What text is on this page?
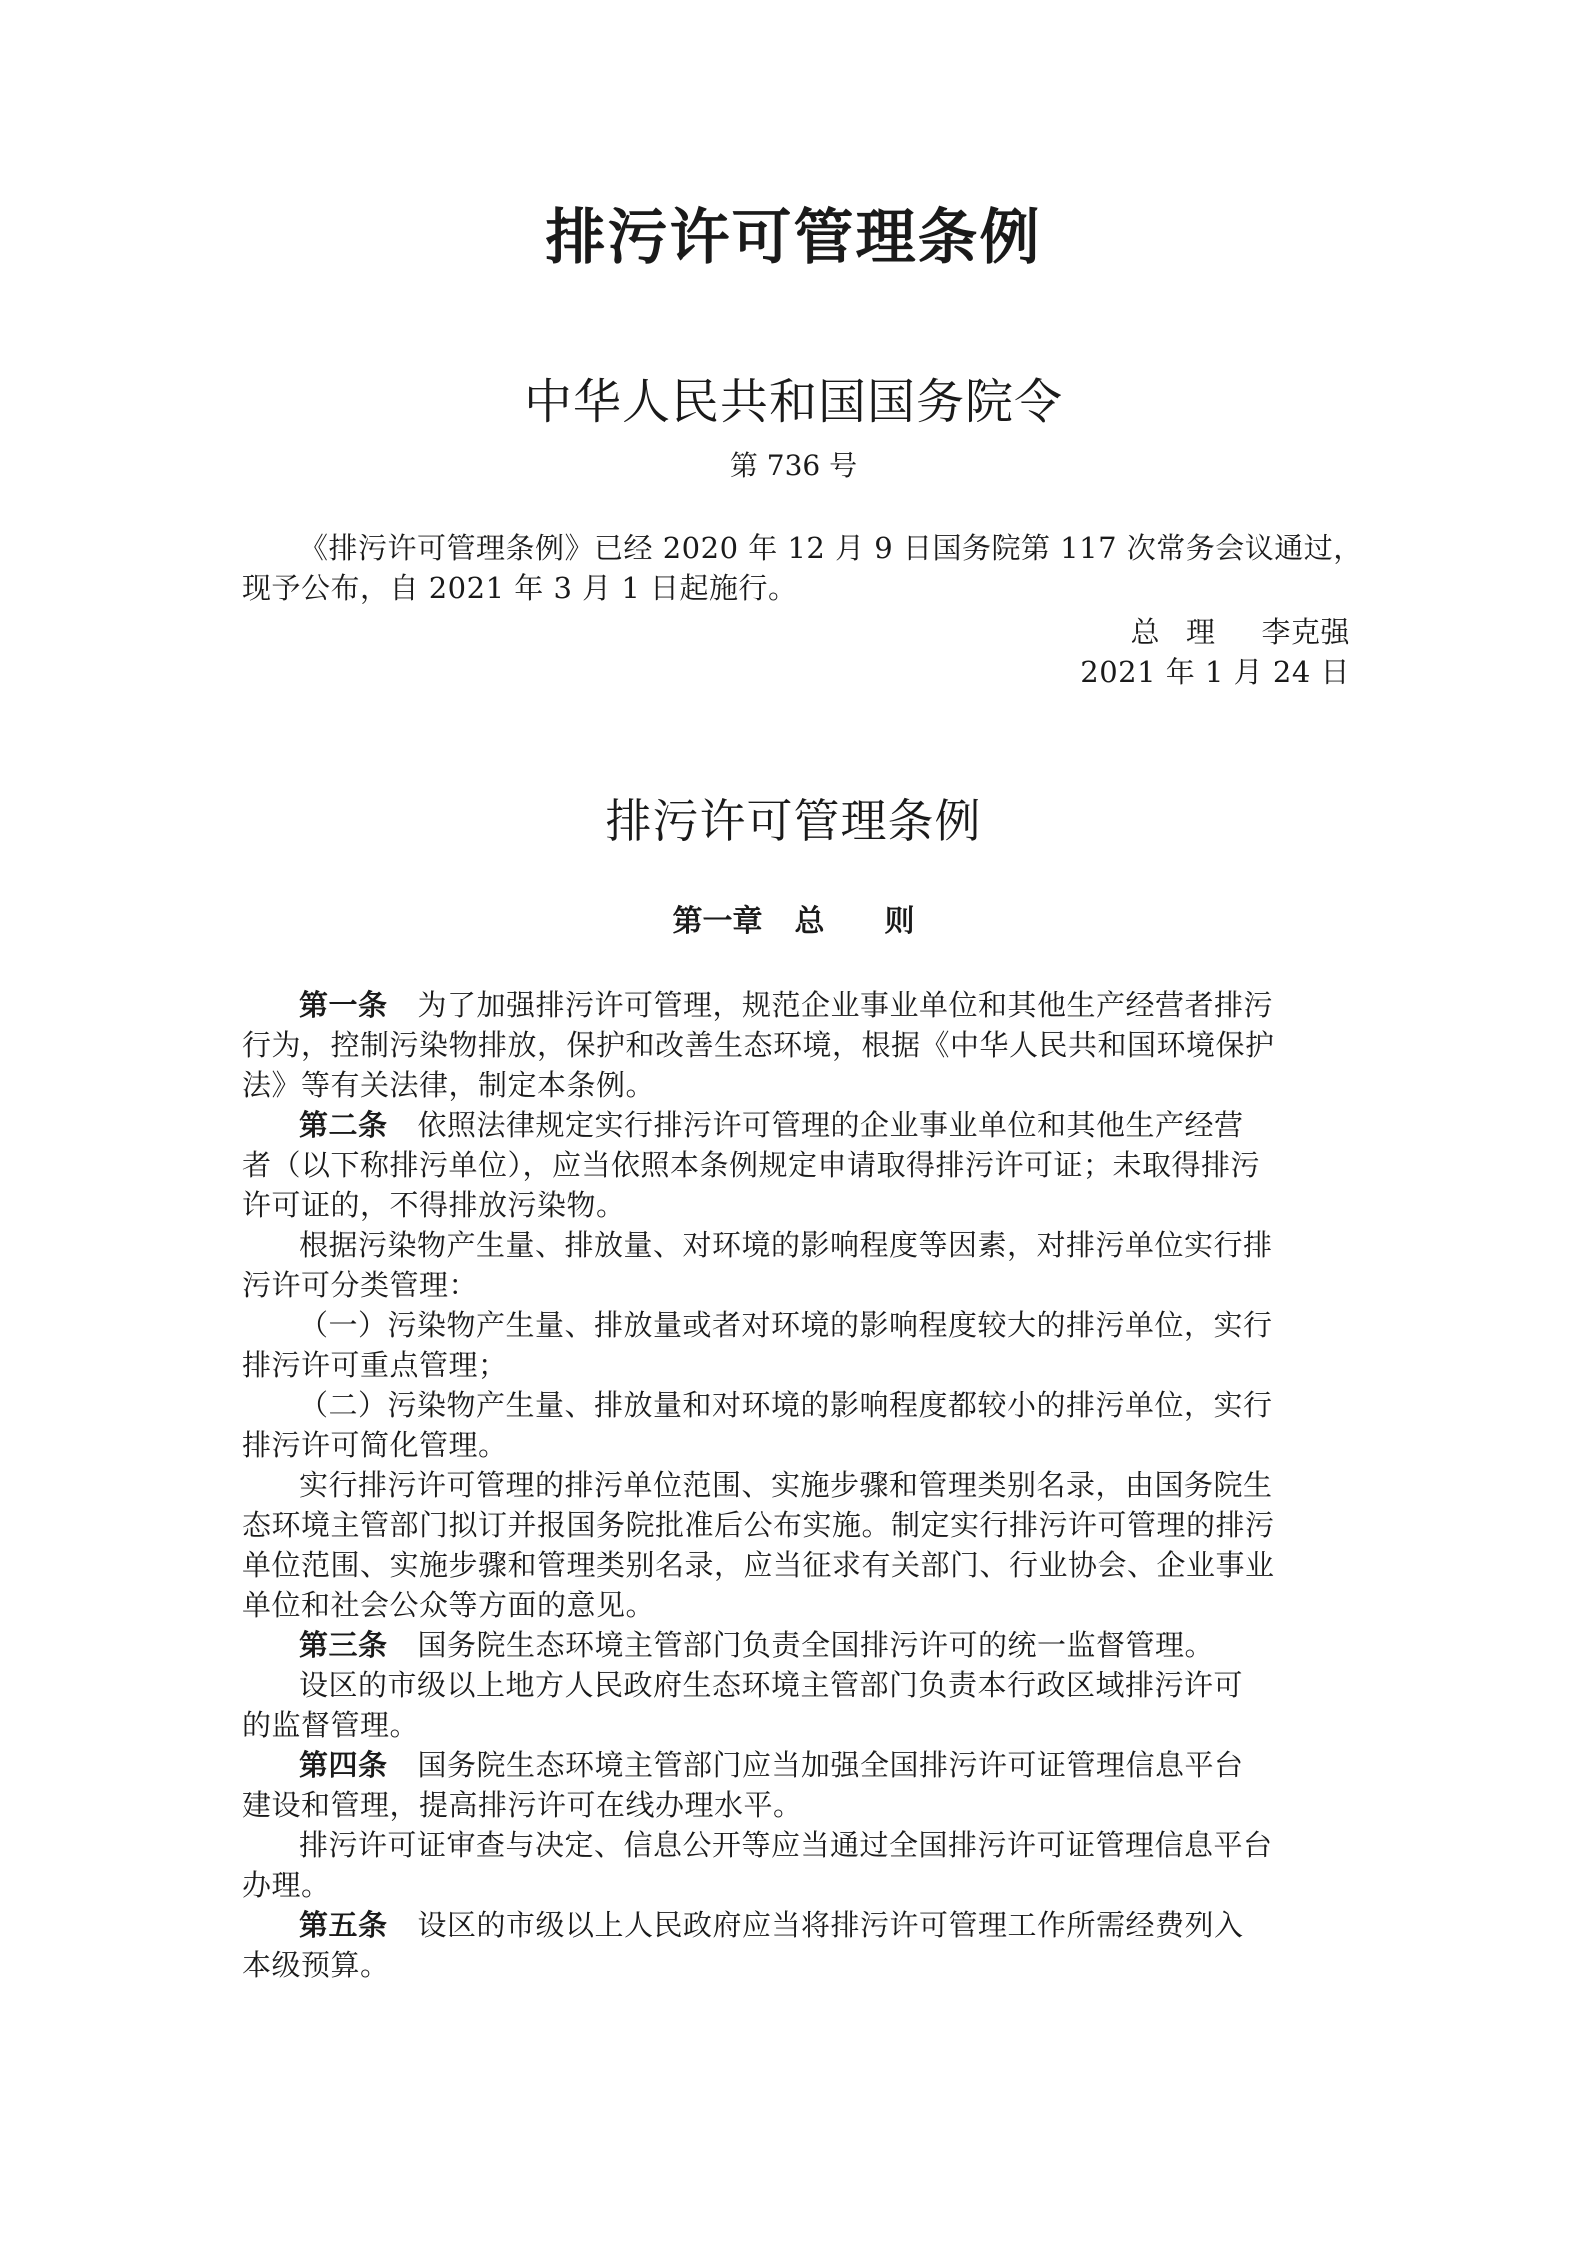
排污许可管理条例
中华人民共和国国务院令
第 736 号
《排污许可管理条例》已经 2020 年 12 月 9 日国务院第 117 次常务会议通过，
现予公布，自 2021 年 3 月 1 日起施行。
总 理 李克强
2021 年 1 月 24 日
排污许可管理条例
第一章 总 则
第一条 为了加强排污许可管理，规范企业事业单位和其他生产经营者排污
行为，控制污染物排放，保护和改善生态环境，根据《中华人民共和国环境保护
法》等有关法律，制定本条例。
第二条 依照法律规定实行排污许可管理的企业事业单位和其他生产经营
者（以下称排污单位），应当依照本条例规定申请取得排污许可证；未取得排污
许可证的，不得排放污染物。
根据污染物产生量、排放量、对环境的影响程度等因素，对排污单位实行排
污许可分类管理：
（一）污染物产生量、排放量或者对环境的影响程度较大的排污单位，实行
排污许可重点管理；
（二）污染物产生量、排放量和对环境的影响程度都较小的排污单位，实行
排污许可简化管理。
实行排污许可管理的排污单位范围、实施步骤和管理类别名录，由国务院生
态环境主管部门拟订并报国务院批准后公布实施。制定实行排污许可管理的排污
单位范围、实施步骤和管理类别名录，应当征求有关部门、行业协会、企业事业
单位和社会公众等方面的意见。
第三条 国务院生态环境主管部门负责全国排污许可的统一监督管理。
设区的市级以上地方人民政府生态环境主管部门负责本行政区域排污许可
的监督管理。
第四条 国务院生态环境主管部门应当加强全国排污许可证管理信息平台
建设和管理，提高排污许可在线办理水平。
排污许可证审查与决定、信息公开等应当通过全国排污许可证管理信息平台
办理。
第五条 设区的市级以上人民政府应当将排污许可管理工作所需经费列入
本级预算。
